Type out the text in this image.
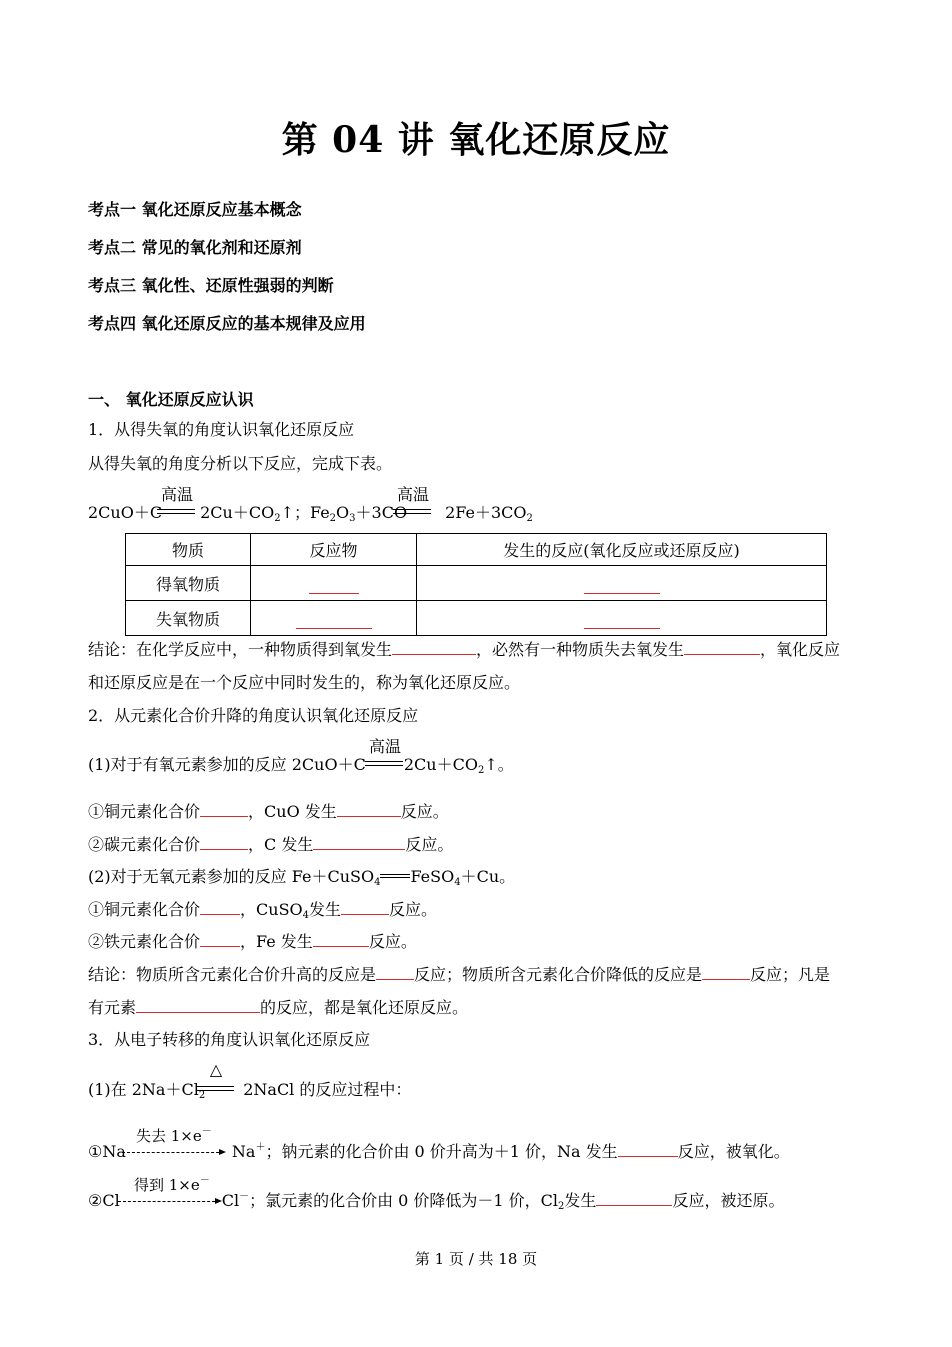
第 04 讲 氧化还原反应
考点一 氧化还原反应基本概念
考点二 常见的氧化剂和还原剂
考点三 氧化性、还原性强弱的判断
考点四 氧化还原反应的基本规律及应用
一、 氧化还原反应认识
1．从得失氧的角度认识氧化还原反应
从得失氧的角度分析以下反应，完成下表。
2CuO＋C $2Cu+CO_2↑$；$Fe_2O_3+3CO$ $2Fe+3CO_2$
高温	高温
物质	反应物	发生的反应(氧化反应或还原反应)
得氧物质		
失氧物质		
结论：在化学反应中，一种物质得到氧发生	，必然有一种物质失去氧发生	，氧化反应
和还原反应是在一个反应中同时发生的，称为氧化还原反应。
2．从元素化合价升降的角度认识氧化还原反应
(1)对于有氧元素参加的反应 2CuO＋C $2Cu+CO_2↑$。
高温
①铜元素化合价	，CuO 发生	反应。
②碳元素化合价	，C 发生	反应。
(2)对于无氧元素参加的反应 Fe＋CuSO$_4$ FeSO$_4$＋Cu。
①铜元素化合价	，CuSO$_4$发生	反应。
②铁元素化合价	，Fe 发生	反应。
结论：物质所含元素化合价升高的反应是 反应；物质所含元素化合价降低的反应是	反应；凡是
有元素	的反应，都是氧化还原反应。
3．从电子转移的角度认识氧化还原反应
(1)在 $2Na+Cl_2$ 2NaCl 的反应过程中：
△
失去 1×e－
①Na	Na＋；钠元素的化合价由 0 价升高为＋1 价，Na 发生	反应，被氧化。
得到 1×e－
②Cl	Cl－；氯元素的化合价由 0 价降低为－1 价，$Cl_2$发生	反应，被还原。
第 1 页 / 共 18 页
